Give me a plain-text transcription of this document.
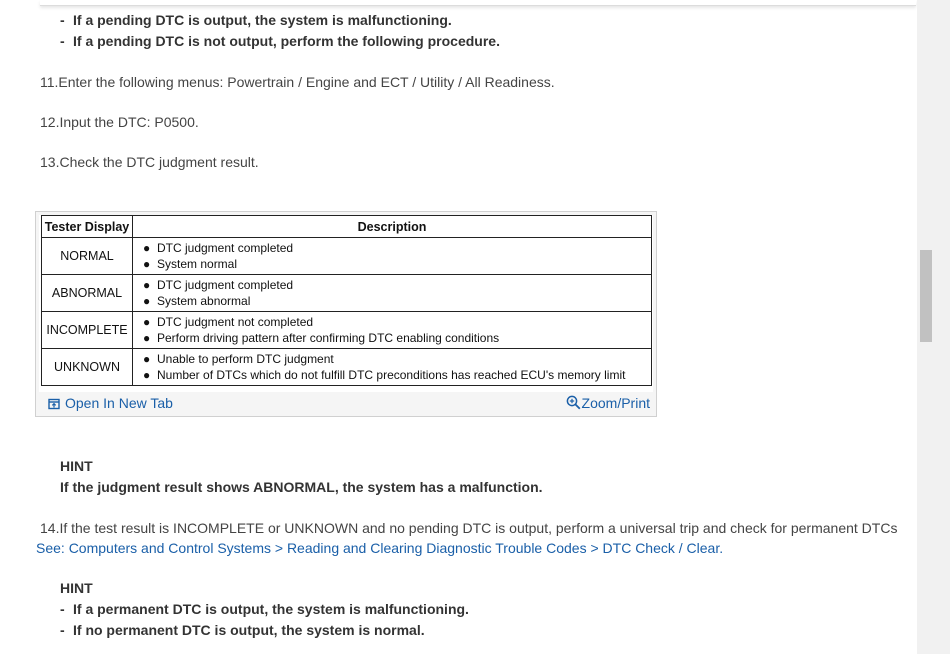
- If a pending DTC is output, the system is malfunctioning.
- If a pending DTC is not output, perform the following procedure.
11.Enter the following menus: Powertrain / Engine and ECT / Utility / All Readiness.
12.Input the DTC: P0500.
13.Check the DTC judgment result.
Tester Display	Description
NORMAL	● DTC judgment completed
● System normal

ABNORMAL	● DTC judgment completed
● System abnormal

INCOMPLETE	● DTC judgment not completed
● Perform driving pattern after confirming DTC enabling conditions

UNKNOWN	● Unable to perform DTC judgment
● Number of DTCs which do not fulfill DTC preconditions has reached ECU's memory limit
Open In New Tab	Zoom/Print
HINT
If the judgment result shows ABNORMAL, the system has a malfunction.
14.If the test result is INCOMPLETE or UNKNOWN and no pending DTC is output, perform a universal trip and check for permanent DTCs
See: Computers and Control Systems > Reading and Clearing Diagnostic Trouble Codes > DTC Check / Clear.
HINT
- If a permanent DTC is output, the system is malfunctioning.
- If no permanent DTC is output, the system is normal.
